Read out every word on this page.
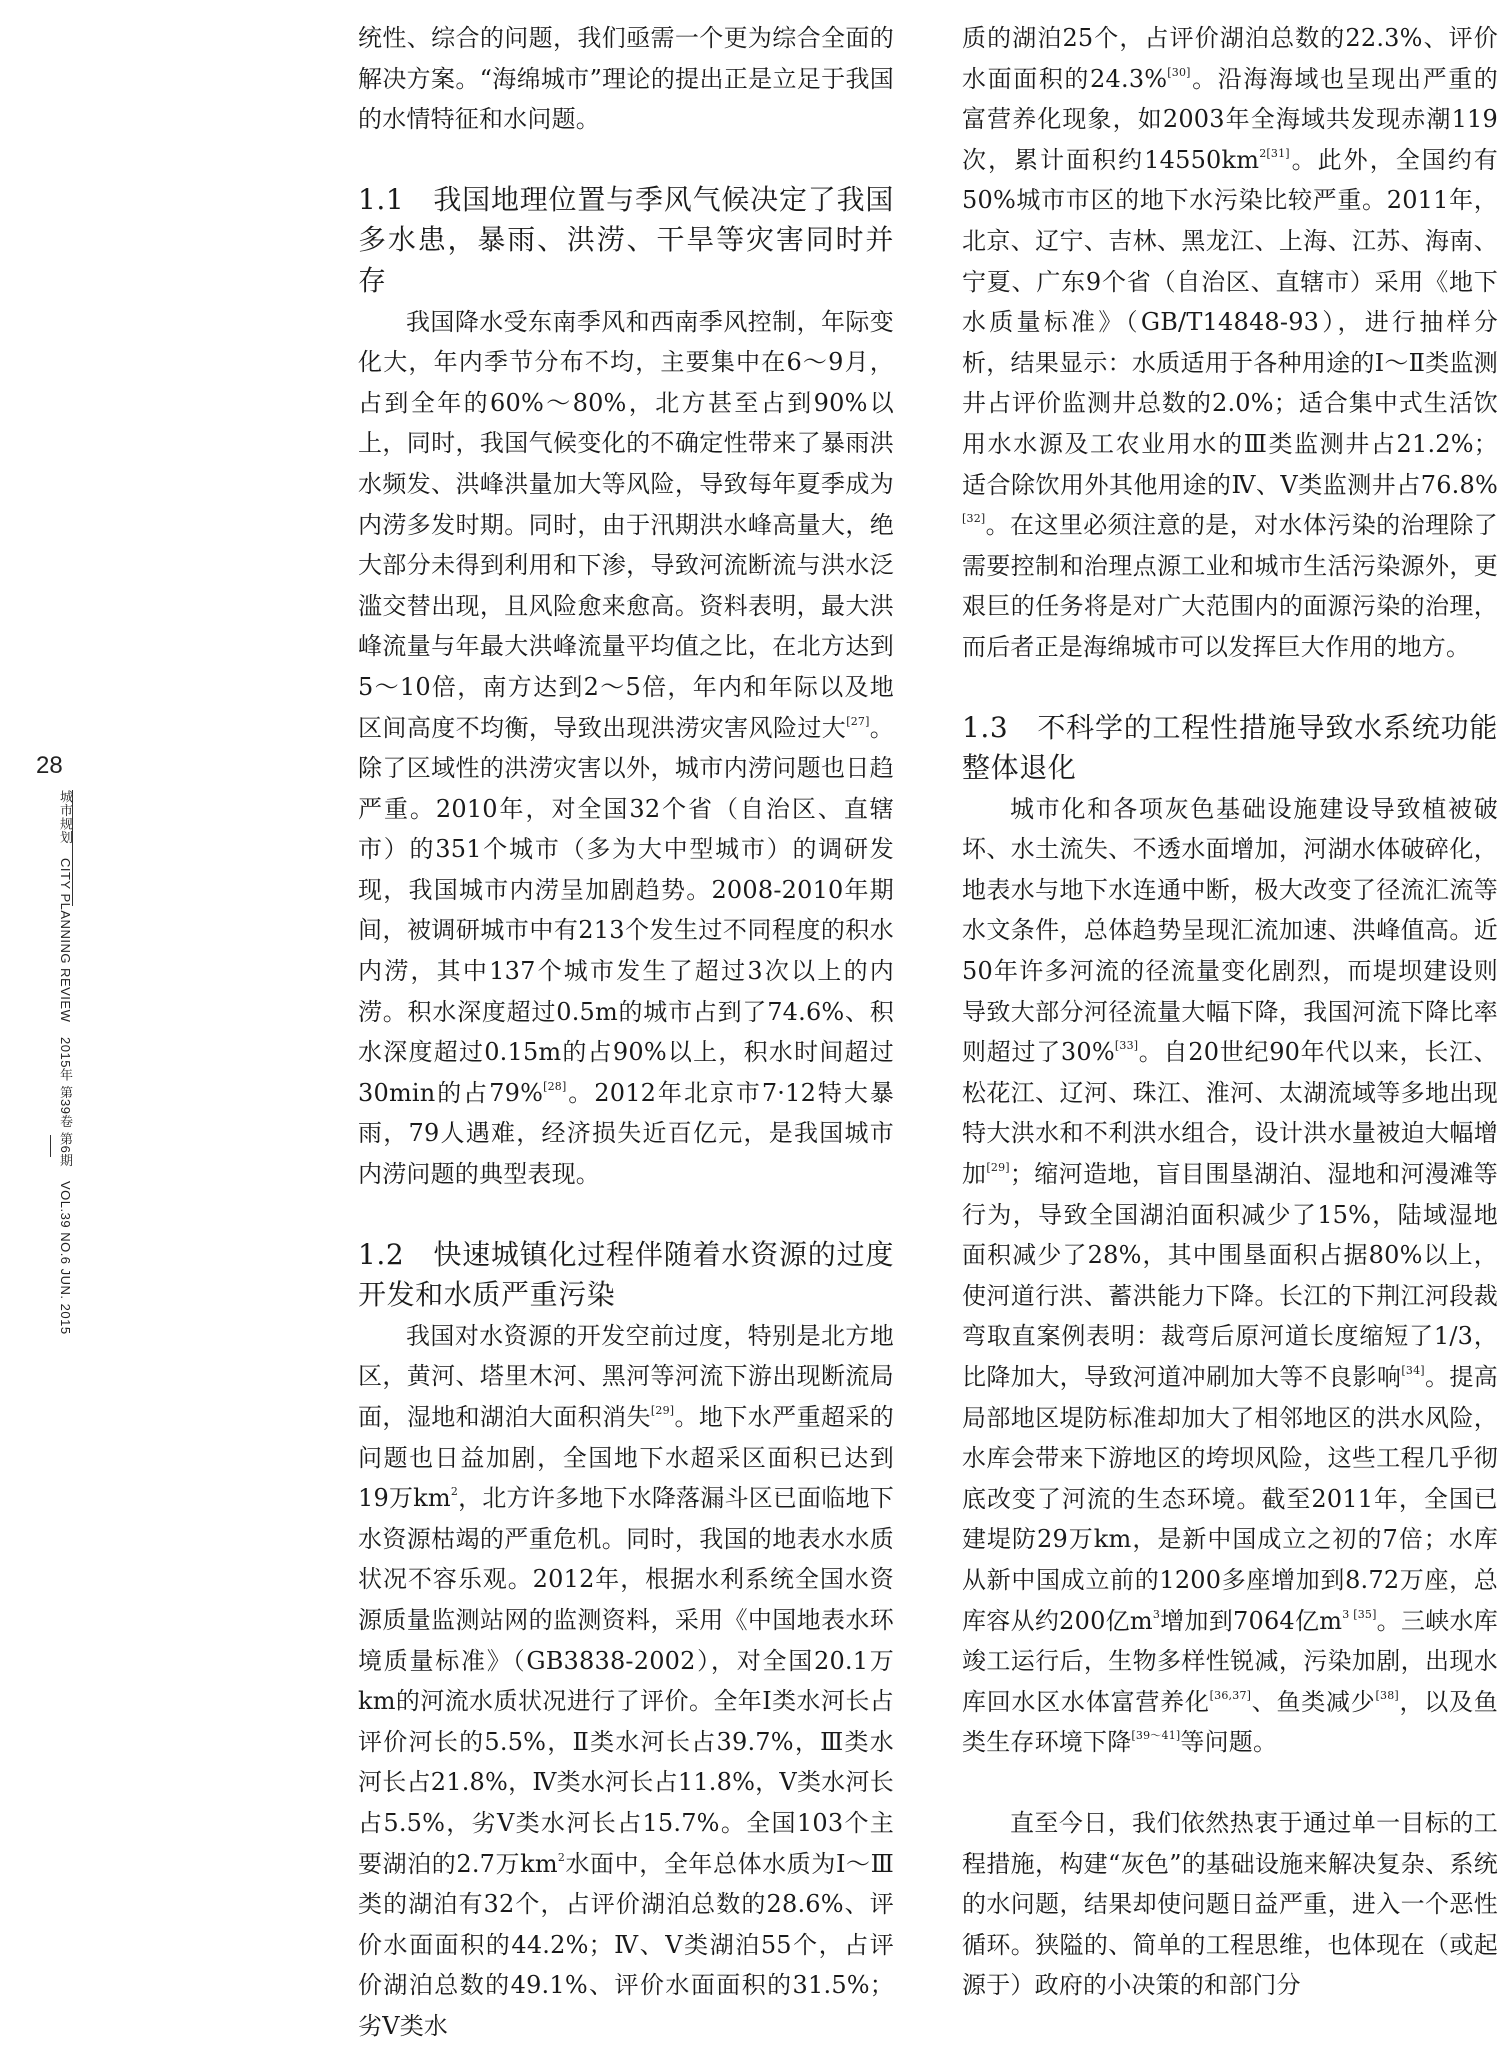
28
城市规划 CITY PLANNING REVIEW 2015年 第39卷 第6期 VOL.39 NO.6 JUN. 2015

统性、综合的问题，我们亟需一个更为综合全面的解决方案。“海绵城市”理论的提出正是立足于我国的水情特征和水问题。

1.1　我国地理位置与季风气候决定了我国多水患，暴雨、洪涝、干旱等灾害同时并存

我国降水受东南季风和西南季风控制，年际变化大，年内季节分布不均，主要集中在6～9月，占到全年的60%～80%，北方甚至占到90%以上，同时，我国气候变化的不确定性带来了暴雨洪水频发、洪峰洪量加大等风险，导致每年夏季成为内涝多发时期。同时，由于汛期洪水峰高量大，绝大部分未得到利用和下渗，导致河流断流与洪水泛滥交替出现，且风险愈来愈高。资料表明，最大洪峰流量与年最大洪峰流量平均值之比，在北方达到5～10倍，南方达到2～5倍，年内和年际以及地区间高度不均衡，导致出现洪涝灾害风险过大[27]。除了区域性的洪涝灾害以外，城市内涝问题也日趋严重。2010年，对全国32个省（自治区、直辖市）的351个城市（多为大中型城市）的调研发现，我国城市内涝呈加剧趋势。2008-2010年期间，被调研城市中有213个发生过不同程度的积水内涝，其中137个城市发生了超过3次以上的内涝。积水深度超过0.5m的城市占到了74.6%、积水深度超过0.15m的占90%以上，积水时间超过30min的占79%[28]。2012年北京市7·12特大暴雨，79人遇难，经济损失近百亿元，是我国城市内涝问题的典型表现。

1.2　快速城镇化过程伴随着水资源的过度开发和水质严重污染

我国对水资源的开发空前过度，特别是北方地区，黄河、塔里木河、黑河等河流下游出现断流局面，湿地和湖泊大面积消失[29]。地下水严重超采的问题也日益加剧，全国地下水超采区面积已达到19万$km^2$，北方许多地下水降落漏斗区已面临地下水资源枯竭的严重危机。同时，我国的地表水水质状况不容乐观。2012年，根据水利系统全国水资源质量监测站网的监测资料，采用《中国地表水环境质量标准》（GB3838-2002），对全国20.1万km的河流水质状况进行了评价。全年Ⅰ类水河长占评价河长的5.5%，Ⅱ类水河长占39.7%，Ⅲ类水河长占21.8%，Ⅳ类水河长占11.8%，Ⅴ类水河长占5.5%，劣Ⅴ类水河长占15.7%。全国103个主要湖泊的2.7万$km^2$水面中，全年总体水质为Ⅰ～Ⅲ类的湖泊有32个，占评价湖泊总数的28.6%、评价水面面积的44.2%；Ⅳ、Ⅴ类湖泊55个，占评价湖泊总数的49.1%、评价水面面积的31.5%；劣Ⅴ类水

质的湖泊25个，占评价湖泊总数的22.3%、评价水面面积的24.3%[30]。沿海海域也呈现出严重的富营养化现象，如2003年全海域共发现赤潮119次，累计面积约$14550km^{2[31]}$。此外，全国约有50%城市市区的地下水污染比较严重。2011年，北京、辽宁、吉林、黑龙江、上海、江苏、海南、宁夏、广东9个省（自治区、直辖市）采用《地下水质量标准》（GB/T14848-93），进行抽样分析，结果显示：水质适用于各种用途的Ⅰ～Ⅱ类监测井占评价监测井总数的2.0%；适合集中式生活饮用水水源及工农业用水的Ⅲ类监测井占21.2%；适合除饮用外其他用途的Ⅳ、Ⅴ类监测井占76.8%[32]。在这里必须注意的是，对水体污染的治理除了需要控制和治理点源工业和城市生活污染源外，更艰巨的任务将是对广大范围内的面源污染的治理，而后者正是海绵城市可以发挥巨大作用的地方。

1.3　不科学的工程性措施导致水系统功能整体退化

城市化和各项灰色基础设施建设导致植被破坏、水土流失、不透水面增加，河湖水体破碎化，地表水与地下水连通中断，极大改变了径流汇流等水文条件，总体趋势呈现汇流加速、洪峰值高。近50年许多河流的径流量变化剧烈，而堤坝建设则导致大部分河径流量大幅下降，我国河流下降比率则超过了30%[33]。自20世纪90年代以来，长江、松花江、辽河、珠江、淮河、太湖流域等多地出现特大洪水和不利洪水组合，设计洪水量被迫大幅增加[29]；缩河造地，盲目围垦湖泊、湿地和河漫滩等行为，导致全国湖泊面积减少了15%，陆域湿地面积减少了28%，其中围垦面积占据80%以上，使河道行洪、蓄洪能力下降。长江的下荆江河段裁弯取直案例表明：裁弯后原河道长度缩短了1/3，比降加大，导致河道冲刷加大等不良影响[34]。提高局部地区堤防标准却加大了相邻地区的洪水风险，水库会带来下游地区的垮坝风险，这些工程几乎彻底改变了河流的生态环境。截至2011年，全国已建堤防29万km，是新中国成立之初的7倍；水库从新中国成立前的1200多座增加到8.72万座，总库容从约200亿$m^3$增加到7064亿$m^3$ [35]。三峡水库竣工运行后，生物多样性锐减，污染加剧，出现水库回水区水体富营养化[36,37]、鱼类减少[38]，以及鱼类生存环境下降[39～41]等问题。

直至今日，我们依然热衷于通过单一目标的工程措施，构建“灰色”的基础设施来解决复杂、系统的水问题，结果却使问题日益严重，进入一个恶性循环。狭隘的、简单的工程思维，也体现在（或起源于）政府的小决策的和部门分
